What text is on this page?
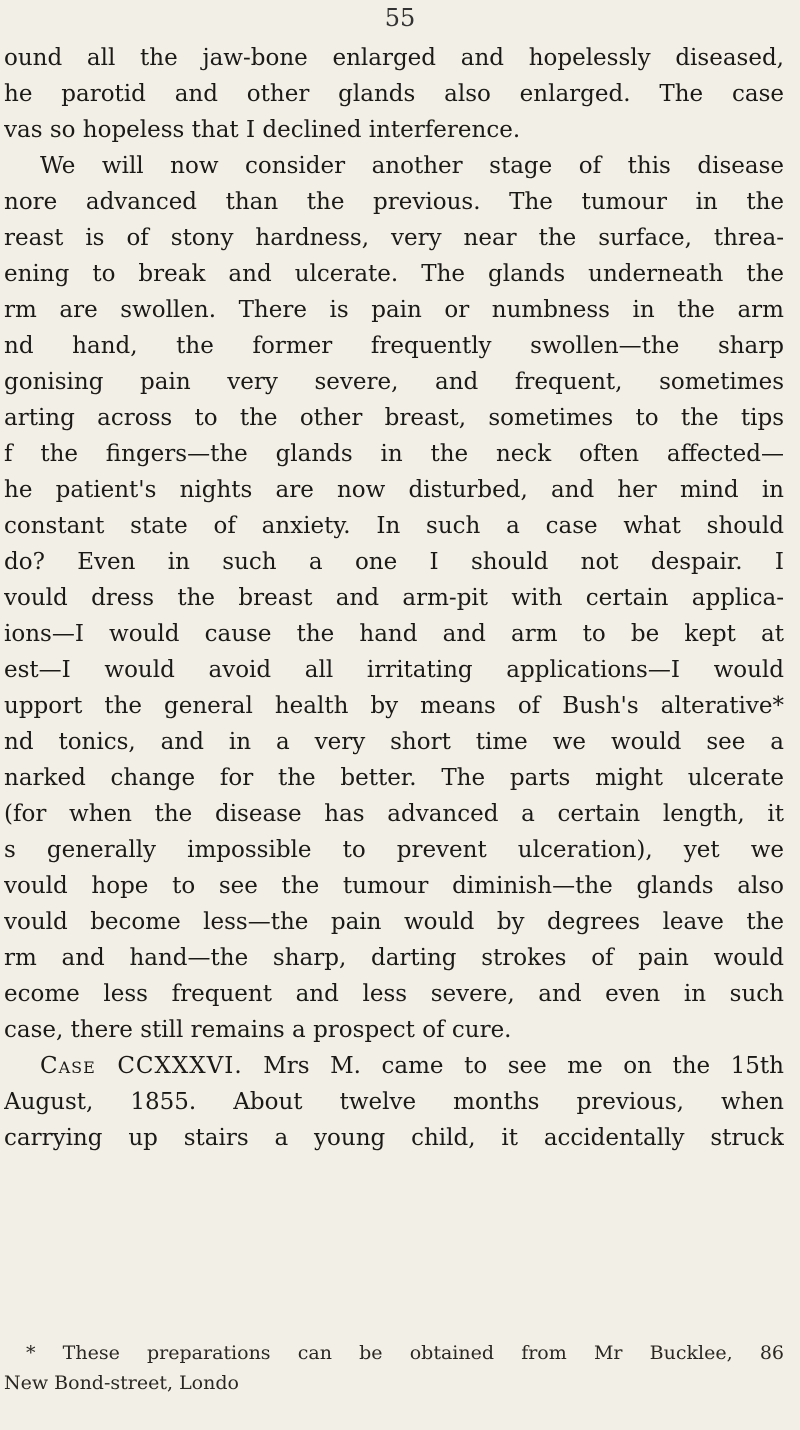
55
ound all the jaw-bone enlarged and hopelessly diseased,
he parotid and other glands also enlarged. The case
vas so hopeless that I declined interference.
We will now consider another stage of this disease
nore advanced than the previous. The tumour in the
reast is of stony hardness, very near the surface, threa-
ening to break and ulcerate. The glands underneath the
rm are swollen. There is pain or numbness in the arm
nd hand, the former frequently swollen—the sharp
gonising pain very severe, and frequent, sometimes
arting across to the other breast, sometimes to the tips
f the fingers—the glands in the neck often affected—
he patient's nights are now disturbed, and her mind in
constant state of anxiety. In such a case what should
do? Even in such a one I should not despair. I
vould dress the breast and arm-pit with certain applica-
ions—I would cause the hand and arm to be kept at
est—I would avoid all irritating applications—I would
upport the general health by means of Bush's alterative*
nd tonics, and in a very short time we would see a
narked change for the better. The parts might ulcerate
(for when the disease has advanced a certain length, it
s generally impossible to prevent ulceration), yet we
vould hope to see the tumour diminish—the glands also
vould become less—the pain would by degrees leave the
rm and hand—the sharp, darting strokes of pain would
ecome less frequent and less severe, and even in such
case, there still remains a prospect of cure.
Case CCXXXVI. Mrs M. came to see me on the 15th
August, 1855. About twelve months previous, when
carrying up stairs a young child, it accidentally struck
* These preparations can be obtained from Mr Bucklee, 86
New Bond-street, Londo
